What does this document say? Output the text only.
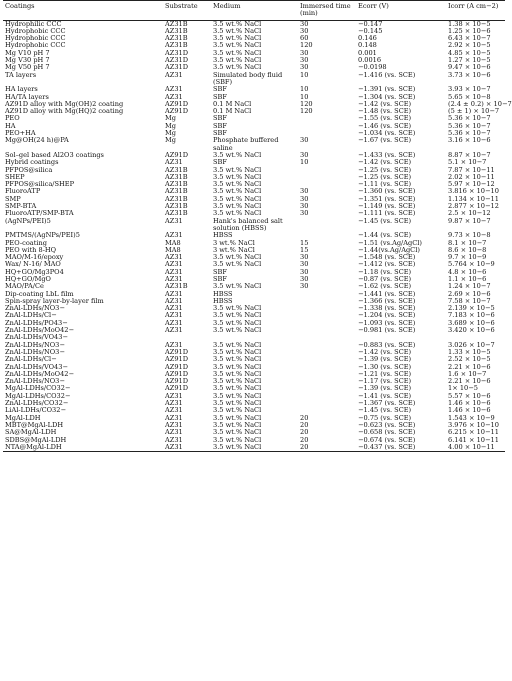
Coatings	Substrate	Medium	Immersed time (min)	Ecorr (V)	Icorr (A cm−2)
Hydrophilic CCC	AZ31B	3.5 wt.% NaCl	30	−0.147	1.38 × 10−5
Hydrophobic CCC	AZ31B	3.5 wt.% NaCl	30	−0.145	1.25 × 10−6
Hydrophobic CCC	AZ31B	3.5 wt.% NaCl	60	0.146	6.43 × 10−7
Hydrophobic CCC	AZ31B	3.5 wt.% NaCl	120	0.148	2.92 × 10−5
Mg V10 pH 7	AZ31D	3.5 wt.% NaCl	30	0.001	4.85 × 10−5
Mg V30 pH 7	AZ31D	3.5 wt.% NaCl	30	0.0016	1.27 × 10−5
Mg V50 pH 7	AZ31D	3.5 wt.% NaCl	30	−0.0198	9.47 × 10−6
TA layers	AZ31	Simulated body fluid (SBF)	10	−1.416 (vs. SCE)	3.73 × 10−6
HA layers	AZ31	SBF	10	−1.391 (vs. SCE)	3.93 × 10−7
HA/TA layers	AZ31	SBF	10	−1.304 (vs. SCE)	5.65 × 10−8
AZ91D alloy with Mg(OH)2 coating	AZ91D	0.1 M NaCl	120	−1.42 (vs. SCE)	(2.4 ± 0.2) × 10−7
AZ91D alloy with Mg(HQ)2 coating	AZ91D	0.1 M NaCl	120	−1.48 (vs. SCE)	(5 ± 1) × 10−7
PEO	Mg	SBF		−1.55 (vs. SCE)	5.36 × 10−7
HA	Mg	SBF		−1.46 (vs. SCE)	5.36 × 10−7
PEO+HA	Mg	SBF		−1.034 (vs. SCE)	5.36 × 10−7
Mg@OH(24 h)@PA	Mg	Phosphate buffered saline	30	−1.67 (vs. SCE)	3.16 × 10−6
Sol–gel based Al2O3 coatings	AZ91D	3.5 wt.% NaCl	30	−1.433 (vs. SCE)	8.87 × 10−7
Hybrid coatings	AZ31	SBF	10	−1.42 (vs. SCE)	5.1 × 10−7
PFPOS@silica	AZ31B	3.5 wt.% NaCl		−1.25 (vs. SCE)	7.87 × 10−11
SHEP	AZ31B	3.5 wt.% NaCl		−1.25 (vs. SCE)	2.02 × 10−11
PFPOS@silica/SHEP	AZ31B	3.5 wt.% NaCl		−1.11 (vs. SCE)	5.97 × 10−12
FluoroATP	AZ31B	3.5 wt.% NaCl	30	−1.360 (vs. SCE)	3.816 × 10−10
SMP	AZ31B	3.5 wt.% NaCl	30	−1.351 (vs. SCE)	1.134 × 10−11
SMP-BTA	AZ31B	3.5 wt.% NaCl	30	−1.149 (vs. SCE)	2.877 × 10−12
FluoroATP/SMP-BTA	AZ31B	3.5 wt.% NaCl	30	−1.111 (vs. SCE)	2.5 × 10−12
(AgNPs/PEI)5	AZ31	Hank's balanced salt solution (HBSS)		−1.45 (vs. SCE)	9.87 × 10−7
PMTMS/(AgNPs/PEI)5	AZ31	HBSS		−1.44 (vs. SCE)	9.73 × 10−8
PEO-coating	MA8	3 wt.% NaCl	15	−1.51 (vs.Ag/AgCl)	8.1 × 10−7
PEO with 8-HQ	MA8	3 wt.% NaCl	15	−1.44(vs.Ag/AgCl)	8.6 × 10−8
MAO/M-16/epoxy	AZ31	3.5 wt.% NaCl	30	−1.548 (vs. SCE)	9.7 × 10−9
Wax/ N-16/ MAO	AZ31	3.5 wt.% NaCl	30	−1.412 (vs. SCE)	5.764 × 10−9
HQ+GO/Mg3PO4	AZ31	SBF	30	−1.18 (vs. SCE)	4.8 × 10−6
HQ+GO/MgO	AZ31	SBF	30	−0.87 (vs. SCE)	1.1 × 10−6
MAO/PA/Ce	AZ31B	3.5 wt.% NaCl	30	−1.62 (vs. SCE)	1.24 × 10−7
Dip-coating LbL film	AZ31	HBSS		−1.441 (vs. SCE)	2.69 × 10−6
Spin-spray layer-by-layer film	AZ31	HBSS		−1.366 (vs. SCE)	7.58 × 10−7
ZnAl-LDHs/NO3−	AZ31	3.5 wt.% NaCl		−1.338 (vs. SCE)	2.139 × 10−5
ZnAl-LDHs/Cl−	AZ31	3.5 wt.% NaCl		−1.204 (vs. SCE)	7.183 × 10−6
ZnAl-LDHs/PO43−	AZ31	3.5 wt.% NaCl		−1.093 (vs. SCE)	3.689 × 10−6
ZnAl-LDHs/MoO42−	AZ31	3.5 wt.% NaCl		−0.981 (vs. SCE)	3.420 × 10−6
ZnAl-LDHs/VO43−					
ZnAl-LDHs/NO3−	AZ31	3.5 wt.% NaCl		−0.883 (vs. SCE)	3.026 × 10−7
ZnAl-LDHs/NO3−	AZ91D	3.5 wt.% NaCl		−1.42 (vs. SCE)	1.33 × 10−5
ZnAl-LDHs/Cl−	AZ91D	3.5 wt.% NaCl		−1.39 (vs. SCE)	2.52 × 10−5
ZnAl-LDHs/VO43−	AZ91D	3.5 wt.% NaCl		−1.30 (vs. SCE)	2.21 × 10−6
ZnAl-LDHs/MoO42−	AZ91D	3.5 wt.% NaCl		−1.21 (vs. SCE)	1.6 × 10−7
ZnAl-LDHs/NO3−	AZ91D	3.5 wt.% NaCl		−1.17 (vs. SCE)	2.21 × 10−6
MgAl-LDHs/CO32−	AZ91D	3.5 wt.% NaCl		−1.39 (vs. SCE)	1× 10−5
MgAl-LDHs/CO32−	AZ31	3.5 wt.% NaCl		−1.41 (vs. SCE)	5.57 × 10−6
ZnAl-LDHs/CO32−	AZ31	3.5 wt.% NaCl		−1.367 (vs. SCE)	1.46 × 10−6
LiAl-LDHs/CO32−	AZ31	3.5 wt.% NaCl		−1.45 (vs. SCE)	1.46 × 10−6
MgAl-LDH	AZ31	3.5 wt.% NaCl	20	−0.75 (vs. SCE)	1.543 × 10−9
MBT@MgAl-LDH	AZ31	3.5 wt.% NaCl	20	−0.623 (vs. SCE)	3.976 × 10−10
SA@MgAl-LDH	AZ31	3.5 wt.% NaCl	20	−0.658 (vs. SCE)	6.215 × 10−11
SDBS@MgAl-LDH	AZ31	3.5 wt.% NaCl	20	−0.674 (vs. SCE)	6.141 × 10−11
NTA@MgAl-LDH	AZ31	3.5 wt.% NaCl	20	−0.437 (vs. SCE)	4.00 × 10−11
